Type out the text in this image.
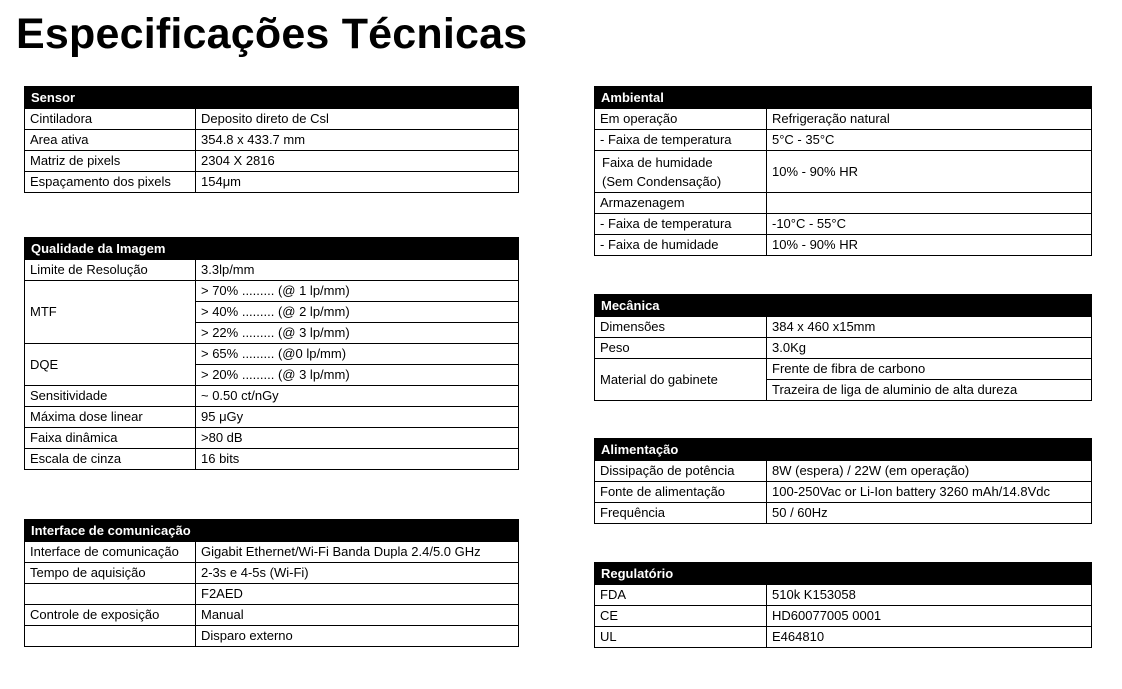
Especificações Técnicas
Sensor	
Cintiladora	Deposito direto de Csl
Area ativa	354.8 x 433.7 mm
Matriz de pixels	2304 X 2816
Espaçamento dos pixels	154μm
Qualidade da Imagem	
Limite de Resolução	3.3lp/mm
MTF	> 70% ......... (@ 1 lp/mm)
	> 40% ......... (@ 2 lp/mm)
	> 22% ......... (@ 3 lp/mm)
DQE	> 65% ......... (@0 lp/mm)
	> 20% ......... (@ 3 lp/mm)
Sensitividade	~ 0.50 ct/nGy
Máxima dose linear	95 μGy
Faixa dinâmica	>80 dB
Escala de cinza	16 bits
Interface de comunicação	
Interface de comunicação	Gigabit Ethernet/Wi-Fi Banda Dupla 2.4/5.0 GHz
Tempo de aquisição	2-3s e 4-5s (Wi-Fi)
	F2AED
Controle de exposição	Manual
	Disparo externo
Ambiental	
Em operação	Refrigeração natural
- Faixa de temperatura	5°C - 35°C

Faixa de humidade
(Sem Condensação)	10% - 90% HR
Armazenagem	
- Faixa de temperatura	-10°C - 55°C
- Faixa de humidade	10% - 90% HR
Mecânica	
Dimensões	384 x 460 x15mm
Peso	3.0Kg
Material do gabinete	Frente de fibra de carbono
	Trazeira de liga de aluminio de alta dureza
Alimentação	
Dissipação de potência	8W (espera) / 22W (em operação)
Fonte de alimentação	100-250Vac or Li-Ion battery 3260 mAh/14.8Vdc
Frequência	50 / 60Hz
Regulatório	
FDA	510k K153058
CE	HD60077005 0001
UL	E464810
